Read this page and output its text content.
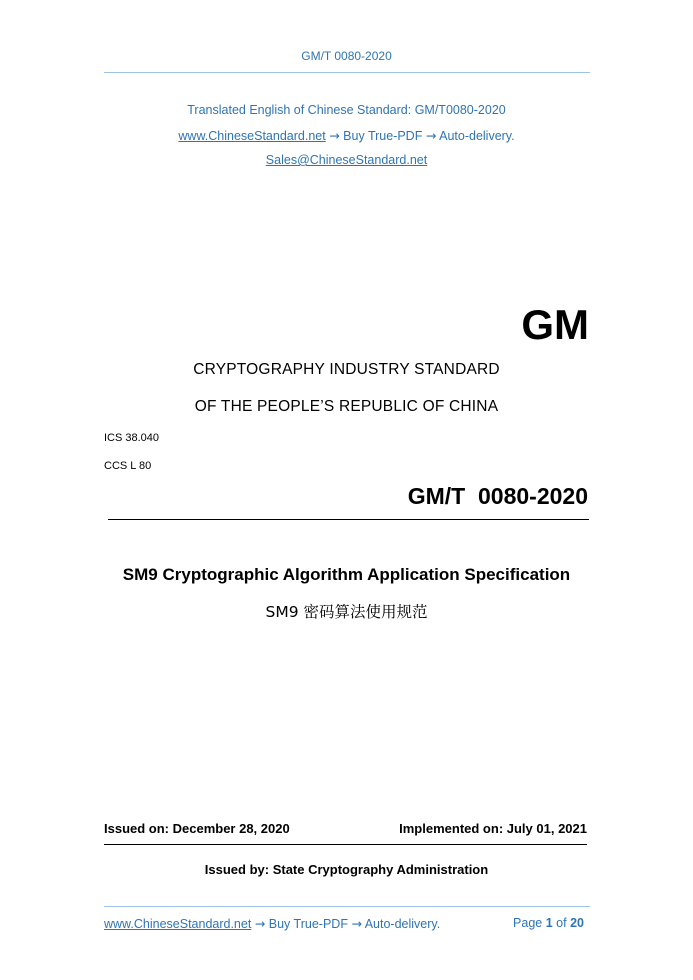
GM/T 0080-2020
Translated English of Chinese Standard: GM/T0080-2020
www.ChineseStandard.net → Buy True-PDF → Auto-delivery.
Sales@ChineseStandard.net
GM
CRYPTOGRAPHY INDUSTRY STANDARD
OF THE PEOPLE’S REPUBLIC OF CHINA
ICS 38.040
CCS L 80
GM/T  0080-2020
SM9 Cryptographic Algorithm Application Specification
SM9 密码算法使用规范
Issued on: December 28, 2020	Implemented on: July 01, 2021
Issued by: State Cryptography Administration
www.ChineseStandard.net → Buy True-PDF → Auto-delivery.	Page 1 of 20
